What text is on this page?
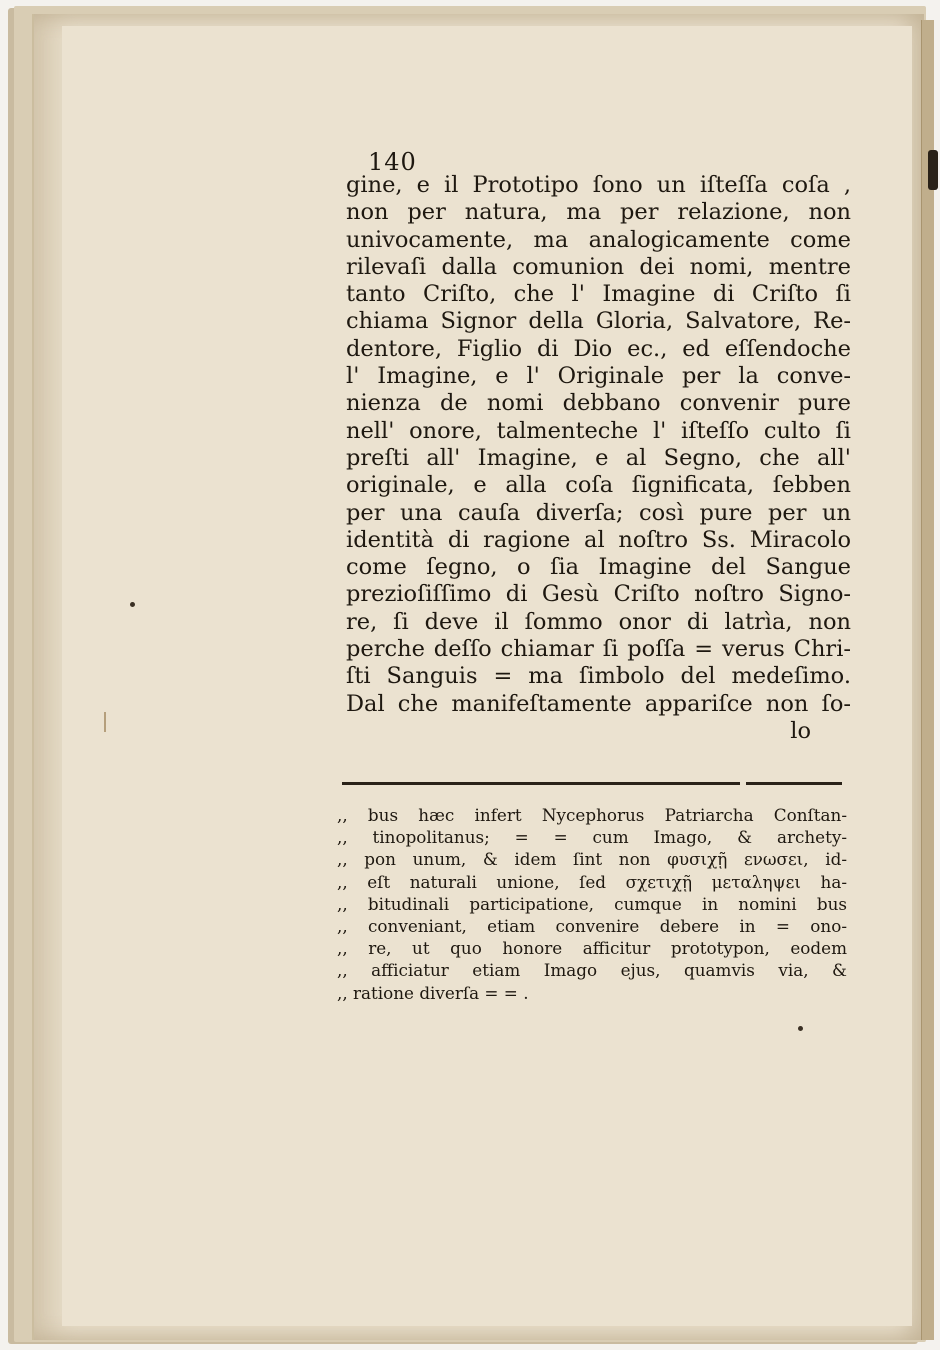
140
gine, e il Prototipo ſono un iſteſſa coſa ,
non per natura, ma per relazione, non
univocamente, ma analogicamente come
rilevaſi dalla comunion dei nomi, mentre
tanto Criſto, che l' Imagine di Criſto ſi
chiama Signor della Gloria, Salvatore, Re-
dentore, Figlio di Dio ec., ed eſſendoche
l' Imagine, e l' Originale per la conve-
nienza de nomi debbano convenir pure
nell' onore, talmenteche l' iſteſſo culto ſi
preſti all' Imagine, e al Segno, che all'
originale, e alla coſa ſignificata, ſebben
per una cauſa diverſa; così pure per un
identità di ragione al noſtro Ss. Miracolo
come ſegno, o ſia Imagine del Sangue
prezioſiſſimo di Gesù Criſto noſtro Signo-
re, ſi deve il ſommo onor di latrìa, non
perche deſſo chiamar ſi poſſa = verus Chri-
ſti Sanguis = ma ſimbolo del medeſimo.
Dal che manifeſtamente appariſce non ſo-
lo
,, bus hæc infert Nycephorus Patriarcha Conſtan-
,, tinopolitanus; = = cum Imago, & archety-
,, pon unum, & idem ſint non φυσιχῇ ενωσει, id-
,, eſt naturali unione, ſed σχετιχῇ μεταληψει ha-
,, bitudinali participatione, cumque in nomini bus
,, conveniant, etiam convenire debere in = ono-
,, re, ut quo honore afficitur prototypon, eodem
,, afficiatur etiam Imago ejus, quamvis via, &
,, ratione diverſa = = .
